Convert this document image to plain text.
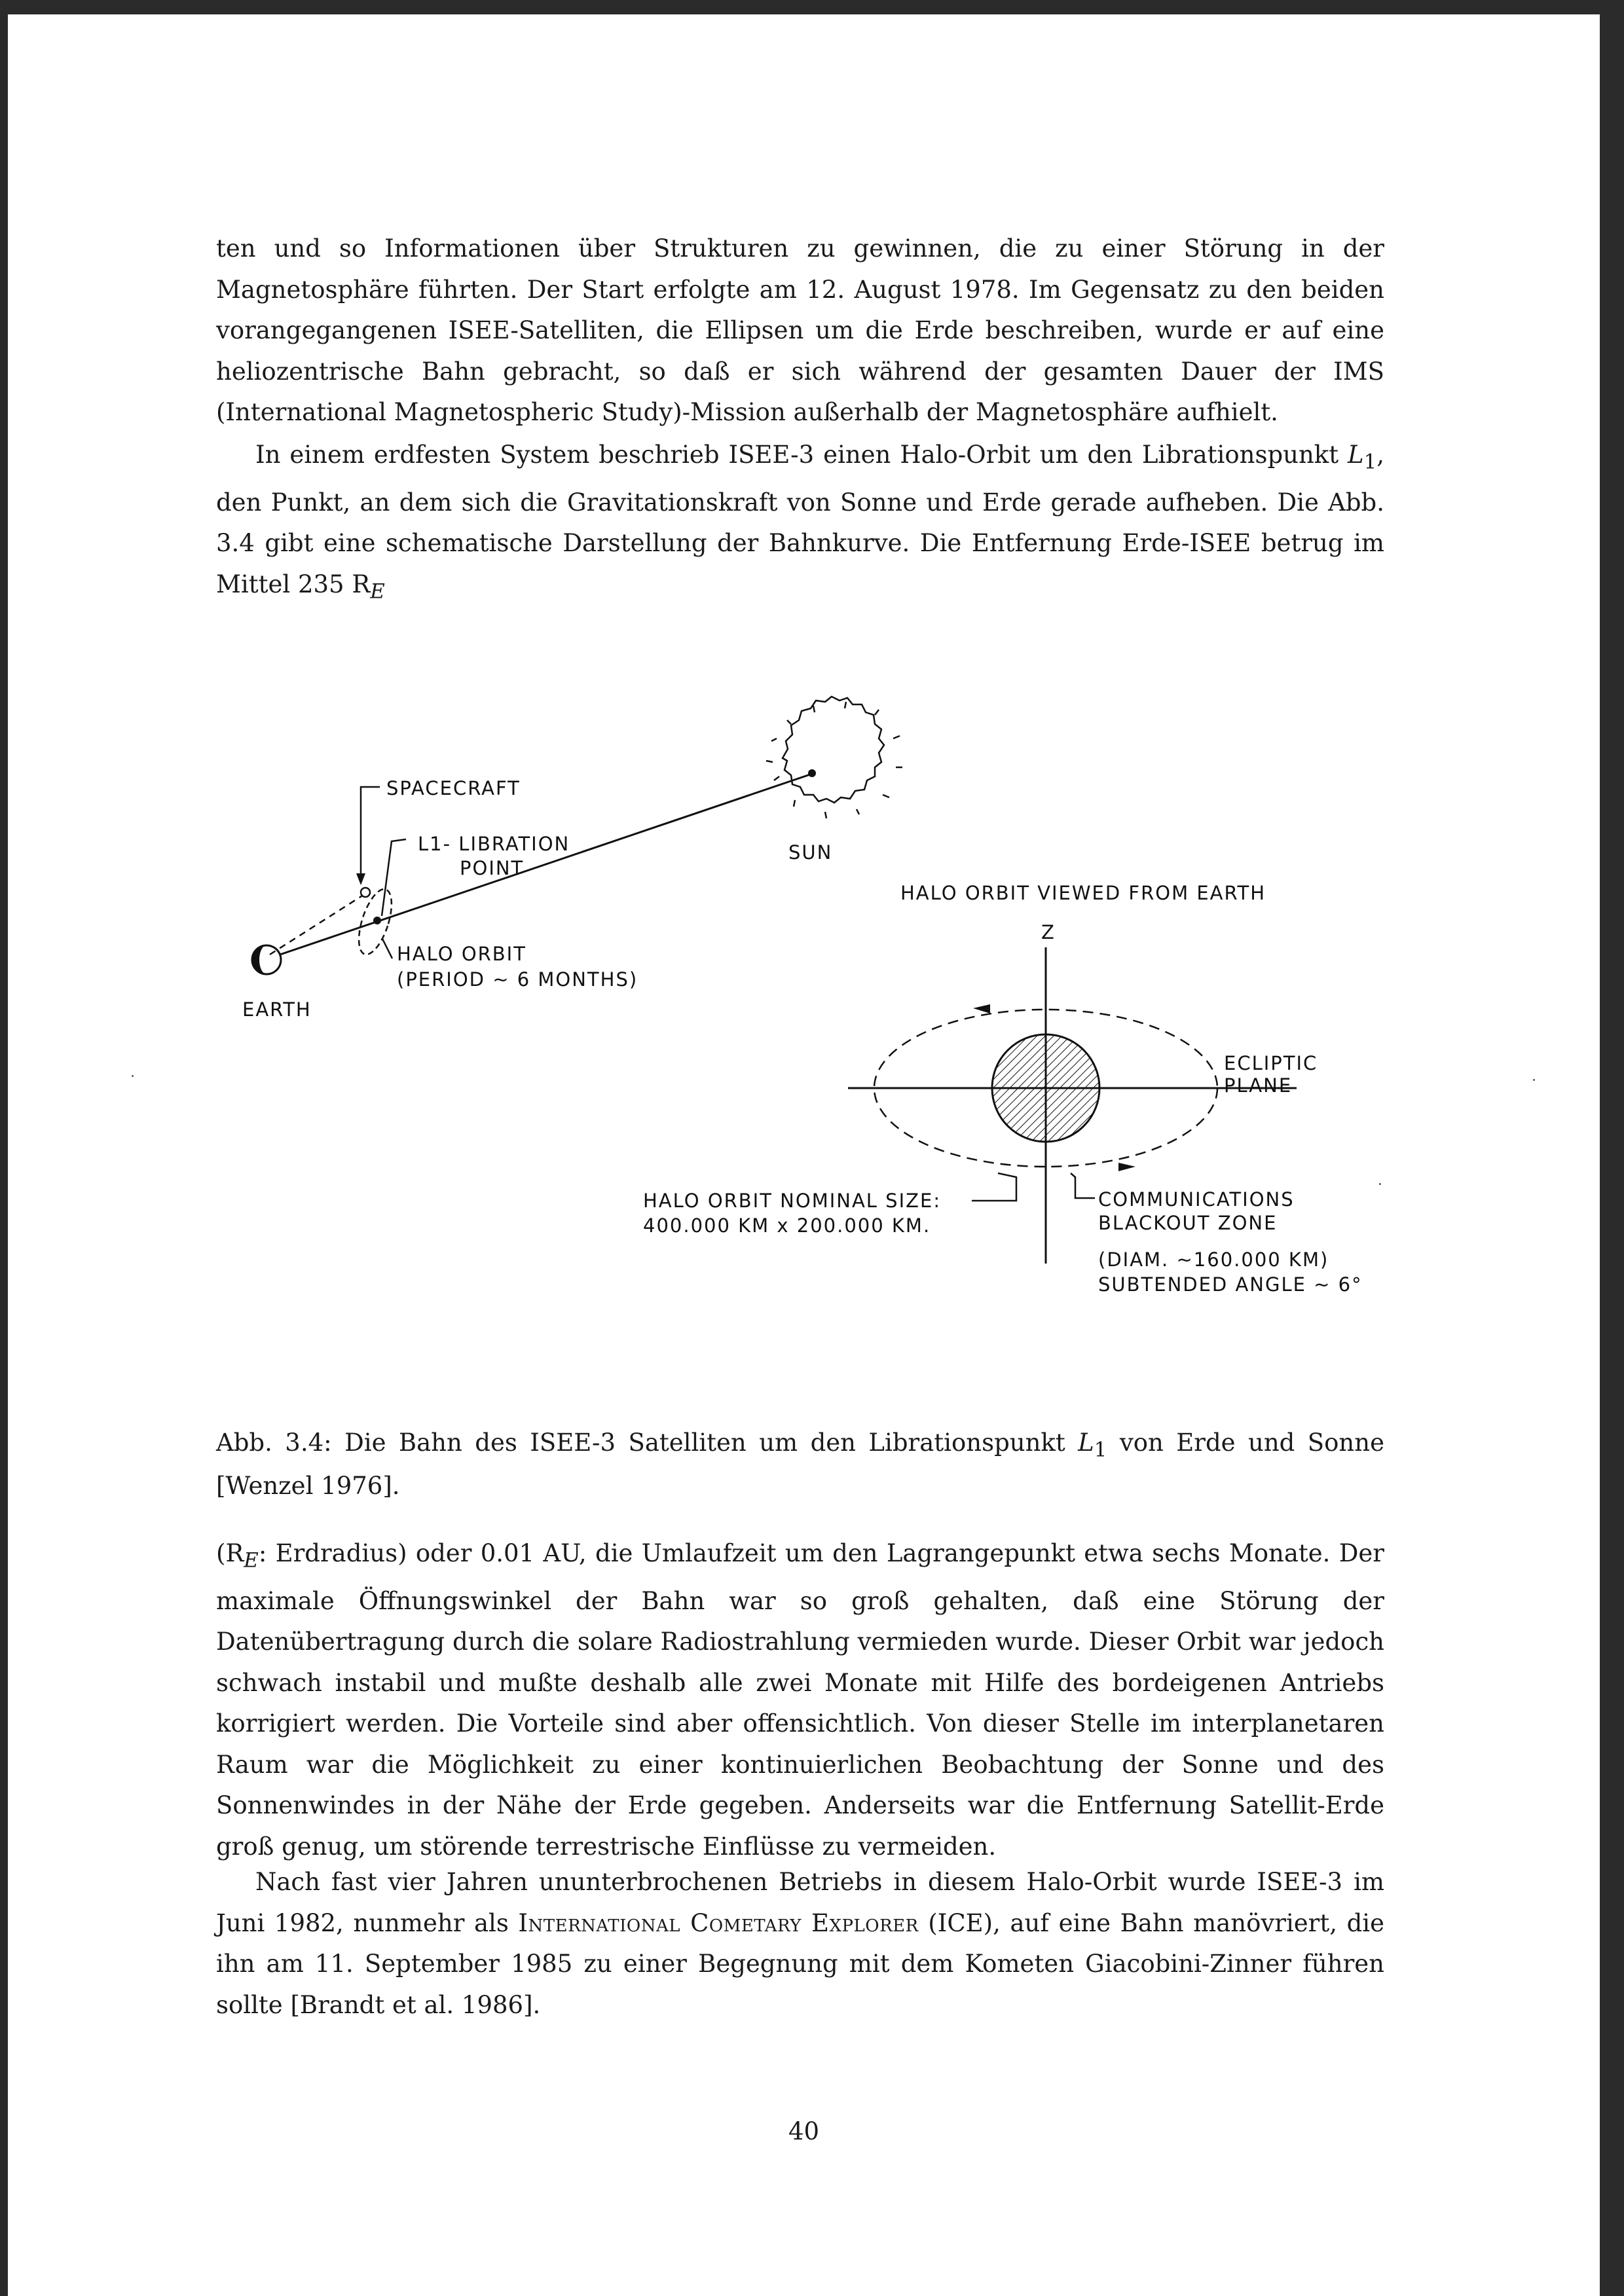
ten und so Informationen über Strukturen zu gewinnen, die zu einer Störung in der Magnetosphäre führten. Der Start erfolgte am 12. August 1978. Im Gegensatz zu den beiden vorangegangenen ISEE-Satelliten, die Ellipsen um die Erde beschreiben, wurde er auf eine heliozentrische Bahn gebracht, so daß er sich während der gesamten Dauer der IMS (International Magnetospheric Study)-Mission außerhalb der Magnetosphäre aufhielt.

In einem erdfesten System beschrieb ISEE-3 einen Halo-Orbit um den Librationspunkt $L_1$, den Punkt, an dem sich die Gravitationskraft von Sonne und Erde gerade aufheben. Die Abb. 3.4 gibt eine schematische Darstellung der Bahnkurve. Die Entfernung Erde-ISEE betrug im Mittel 235 $R_E$

SPACECRAFT
L1- LIBRATION
POINT
HALO ORBIT
(PERIOD ~ 6 MONTHS)
EARTH
SUN
HALO ORBIT VIEWED FROM EARTH
Z
ECLIPTIC
PLANE
HALO ORBIT NOMINAL SIZE:
400.000 KM x 200.000 KM.
COMMUNICATIONS
BLACKOUT ZONE
(DIAM. ~160.000 KM)
SUBTENDED ANGLE ~ 6°

Abb. 3.4: Die Bahn des ISEE-3 Satelliten um den Librationspunkt $L_1$ von Erde und Sonne [Wenzel 1976].

($R_E$: Erdradius) oder 0.01 AU, die Umlaufzeit um den Lagrangepunkt etwa sechs Monate. Der maximale Öffnungswinkel der Bahn war so groß gehalten, daß eine Störung der Datenübertragung durch die solare Radiostrahlung vermieden wurde. Dieser Orbit war jedoch schwach instabil und mußte deshalb alle zwei Monate mit Hilfe des bordeigenen Antriebs korrigiert werden. Die Vorteile sind aber offensichtlich. Von dieser Stelle im interplanetaren Raum war die Möglichkeit zu einer kontinuierlichen Beobachtung der Sonne und des Sonnenwindes in der Nähe der Erde gegeben. Anderseits war die Entfernung Satellit-Erde groß genug, um störende terrestrische Einflüsse zu vermeiden.

Nach fast vier Jahren ununterbrochenen Betriebs in diesem Halo-Orbit wurde ISEE-3 im Juni 1982, nunmehr als International Cometary Explorer (ICE), auf eine Bahn manövriert, die ihn am 11. September 1985 zu einer Begegnung mit dem Kometen Giacobini-Zinner führen sollte [Brandt et al. 1986].

40
